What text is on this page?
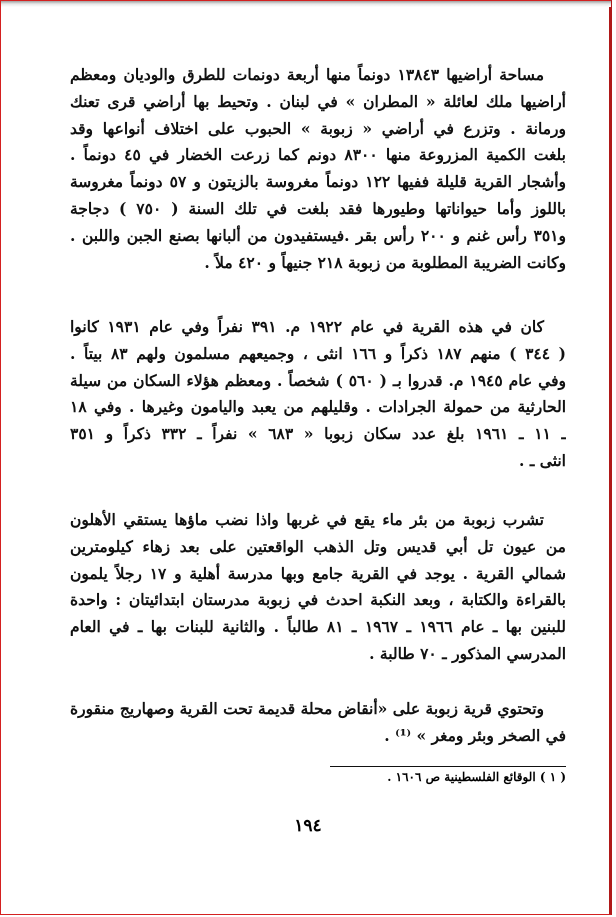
مساحة أراضيها ١٣٨٤٣ دونماً منها أربعة دونمات للطرق والوديان ومعظم
أراضيها ملك لعائلة « المطران » في لبنان . وتحيط بها أراضي قرى تعنك
ورمانة . وتزرع في أراضي « زبوبة » الحبوب على اختلاف أنواعها وقد
بلغت الكمية المزروعة منها ٨٣٠٠ دونم كما زرعت الخضار في ٤٥ دونماً .
وأشجار القرية قليلة ففيها ١٢٢ دونماً مغروسة بالزيتون و ٥٧ دونماً مغروسة
باللوز وأما حيواناتها وطيورها فقد بلغت في تلك السنة ( ٧٥٠ ) دجاجة
و٣٥١ رأس غنم و ٢٠٠ رأس بقر .فيستفيدون من ألبانها بصنع الجبن واللبن .
وكانت الضريبة المطلوبة من زبوبة ٢١٨ جنيهاً و ٤٢٠ ملاً .
كان في هذه القرية في عام ١٩٢٢ م. ٣٩١ نفراً وفي عام ١٩٣١ كانوا
( ٣٤٤ ) منهم ١٨٧ ذكراً و ١٦٦ انثى ، وجميعهم مسلمون ولهم ٨٣ بيتاً .
وفي عام ١٩٤٥ م. قدروا بـ ( ٥٦٠ ) شخصاً . ومعظم هؤلاء السكان من سيلة
الحارثية من حمولة الجرادات . وقليلهم من يعبد واليامون وغيرها . وفي ١٨
ـ ١١ ـ ١٩٦١ بلغ عدد سكان زبوبا « ٦٨٣ » نفراً ـ ٣٣٢ ذكراً و ٣٥١
انثى ـ .
تشرب زبوبة من بئر ماء يقع في غربها واذا نضب ماؤها يستقي الأهلون
من عيون تل أبي قديس وتل الذهب الواقعتين على بعد زهاء كيلومترين
شمالي القرية . يوجد في القرية جامع وبها مدرسة أهلية و ١٧ رجلاً يلمون
بالقراءة والكتابة ، وبعد النكبة احدث في زبوبة مدرستان ابتدائيتان : واحدة
للبنين بها ـ عام ١٩٦٦ ـ ١٩٦٧ ـ ٨١ طالباً . والثانية للبنات بها ـ في العام
المدرسي المذكور ـ ٧٠ طالبة .
وتحتوي قرية زبوبة على «أنقاض محلة قديمة تحت القرية وصهاريج منقورة
في الصخر وبئر ومغر » ⁽¹⁾ .
( ١ ) الوقائع الفلسطينية ص ١٦٠٦ .
١٩٤
